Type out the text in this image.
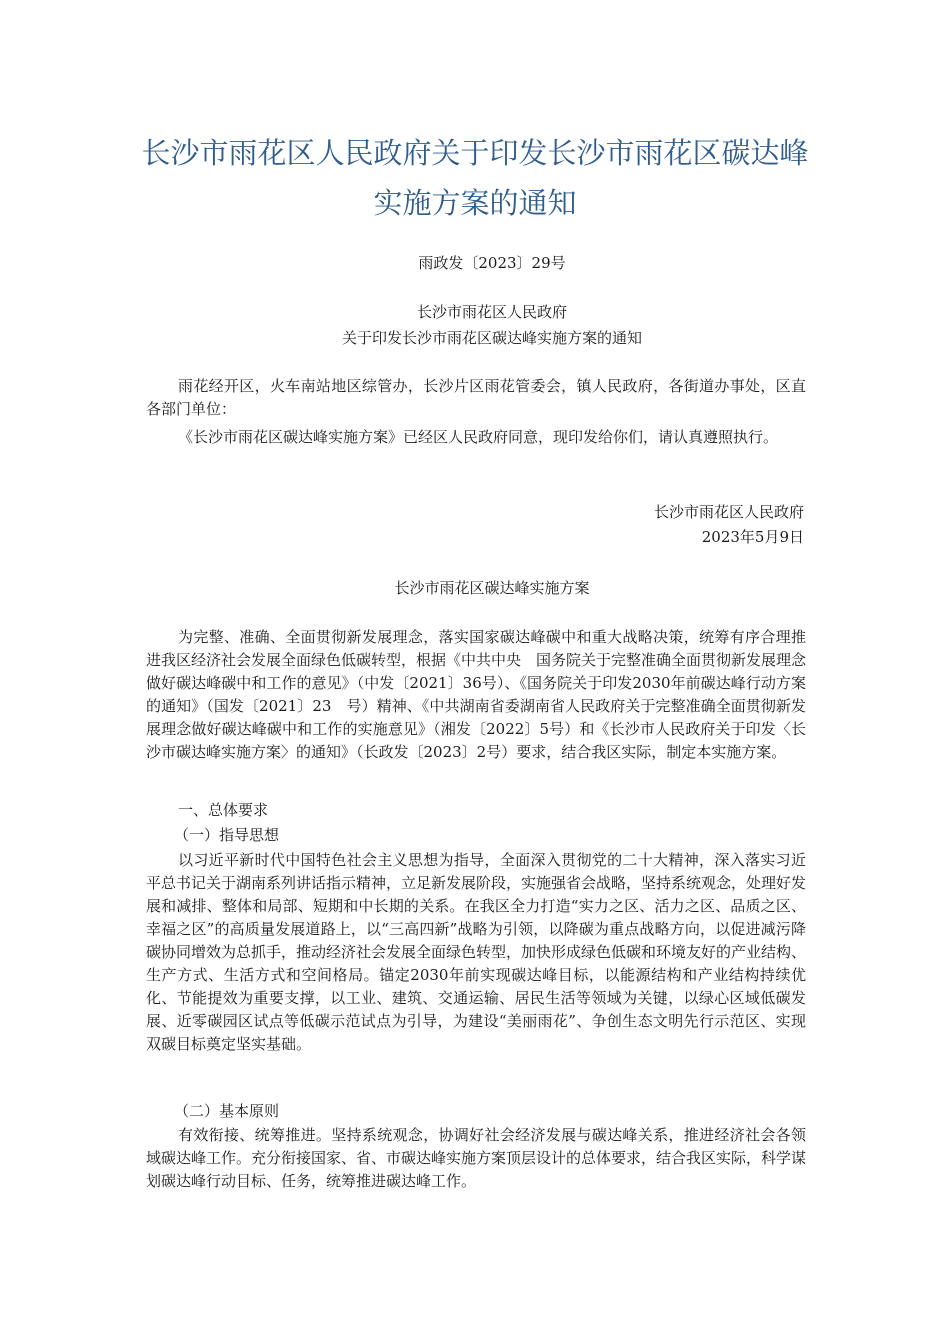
长沙市雨花区人民政府关于印发长沙市雨花区碳达峰
实施方案的通知
雨政发〔2023〕29号
长沙市雨花区人民政府
关于印发长沙市雨花区碳达峰实施方案的通知

雨花经开区，火车南站地区综管办，长沙片区雨花管委会，镇人民政府，各街道办事处，区直各部门单位：

《长沙市雨花区碳达峰实施方案》已经区人民政府同意，现印发给你们，请认真遵照执行。

长沙市雨花区人民政府
2023年5月9日
长沙市雨花区碳达峰实施方案

为完整、准确、全面贯彻新发展理念，落实国家碳达峰碳中和重大战略决策，统筹有序合理推进我区经济社会发展全面绿色低碳转型，根据《中共中央　国务院关于完整准确全面贯彻新发展理念做好碳达峰碳中和工作的意见》（中发〔2021〕36号）、《国务院关于印发2030年前碳达峰行动方案的通知》（国发〔2021〕23　号）精神、《中共湖南省委湖南省人民政府关于完整准确全面贯彻新发展理念做好碳达峰碳中和工作的实施意见》（湘发〔2022〕5号）和《长沙市人民政府关于印发〈长沙市碳达峰实施方案〉的通知》（长政发〔2023〕2号）要求，结合我区实际，制定本实施方案。

一、总体要求
（一）指导思想

以习近平新时代中国特色社会主义思想为指导，全面深入贯彻党的二十大精神，深入落实习近平总书记关于湖南系列讲话指示精神，立足新发展阶段，实施强省会战略，坚持系统观念，处理好发展和减排、整体和局部、短期和中长期的关系。在我区全力打造“实力之区、活力之区、品质之区、幸福之区”的高质量发展道路上，以“三高四新”战略为引领，以降碳为重点战略方向，以促进减污降碳协同增效为总抓手，推动经济社会发展全面绿色转型，加快形成绿色低碳和环境友好的产业结构、生产方式、生活方式和空间格局。锚定2030年前实现碳达峰目标，以能源结构和产业结构持续优化、节能提效为重要支撑，以工业、建筑、交通运输、居民生活等领域为关键，以绿心区域低碳发展、近零碳园区试点等低碳示范试点为引导，为建设“美丽雨花”、争创生态文明先行示范区、实现双碳目标奠定坚实基础。

（二）基本原则

有效衔接、统筹推进。坚持系统观念，协调好社会经济发展与碳达峰关系，推进经济社会各领域碳达峰工作。充分衔接国家、省、市碳达峰实施方案顶层设计的总体要求，结合我区实际，科学谋划碳达峰行动目标、任务，统筹推进碳达峰工作。
